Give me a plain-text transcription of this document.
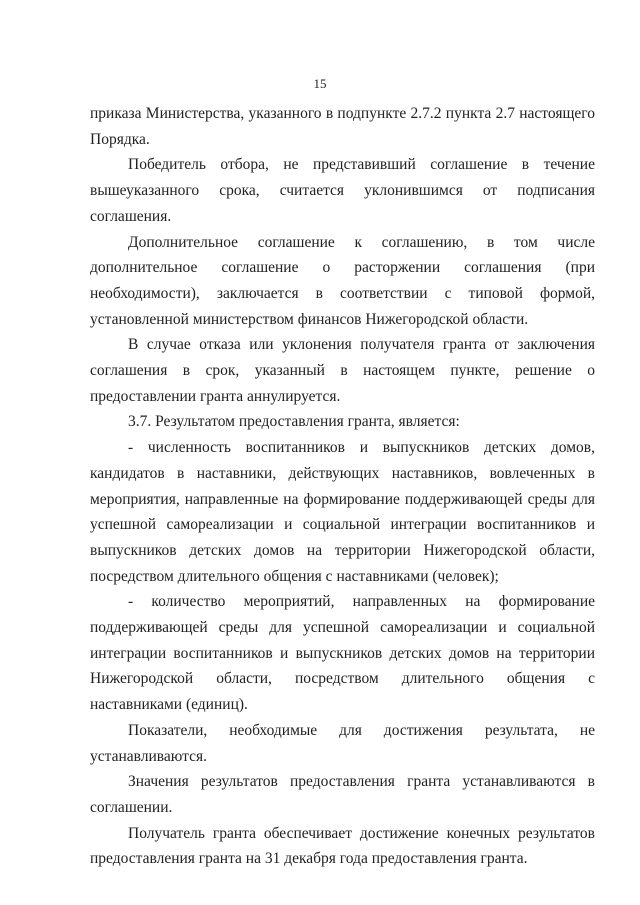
15

приказа Министерства, указанного в подпункте 2.7.2 пункта 2.7 настоящего Порядка.

Победитель отбора, не представивший соглашение в течение вышеуказанного срока, считается уклонившимся от подписания соглашения.

Дополнительное соглашение к соглашению, в том числе дополнительное соглашение о расторжении соглашения (при необходимости), заключается в соответствии с типовой формой, установленной министерством финансов Нижегородской области.

В случае отказа или уклонения получателя гранта от заключения соглашения в срок, указанный в настоящем пункте, решение о предоставлении гранта аннулируется.

3.7. Результатом предоставления гранта, является:

- численность воспитанников и выпускников детских домов, кандидатов в наставники, действующих наставников, вовлеченных в мероприятия, направленные на формирование поддерживающей среды для успешной самореализации и социальной интеграции воспитанников и выпускников детских домов на территории Нижегородской области, посредством длительного общения с наставниками (человек);

- количество мероприятий, направленных на формирование поддерживающей среды для успешной самореализации и социальной интеграции воспитанников и выпускников детских домов на территории Нижегородской области, посредством длительного общения с наставниками (единиц).

Показатели, необходимые для достижения результата, не устанавливаются.

Значения результатов предоставления гранта устанавливаются в соглашении.

Получатель гранта обеспечивает достижение конечных результатов предоставления гранта на 31 декабря года предоставления гранта.
